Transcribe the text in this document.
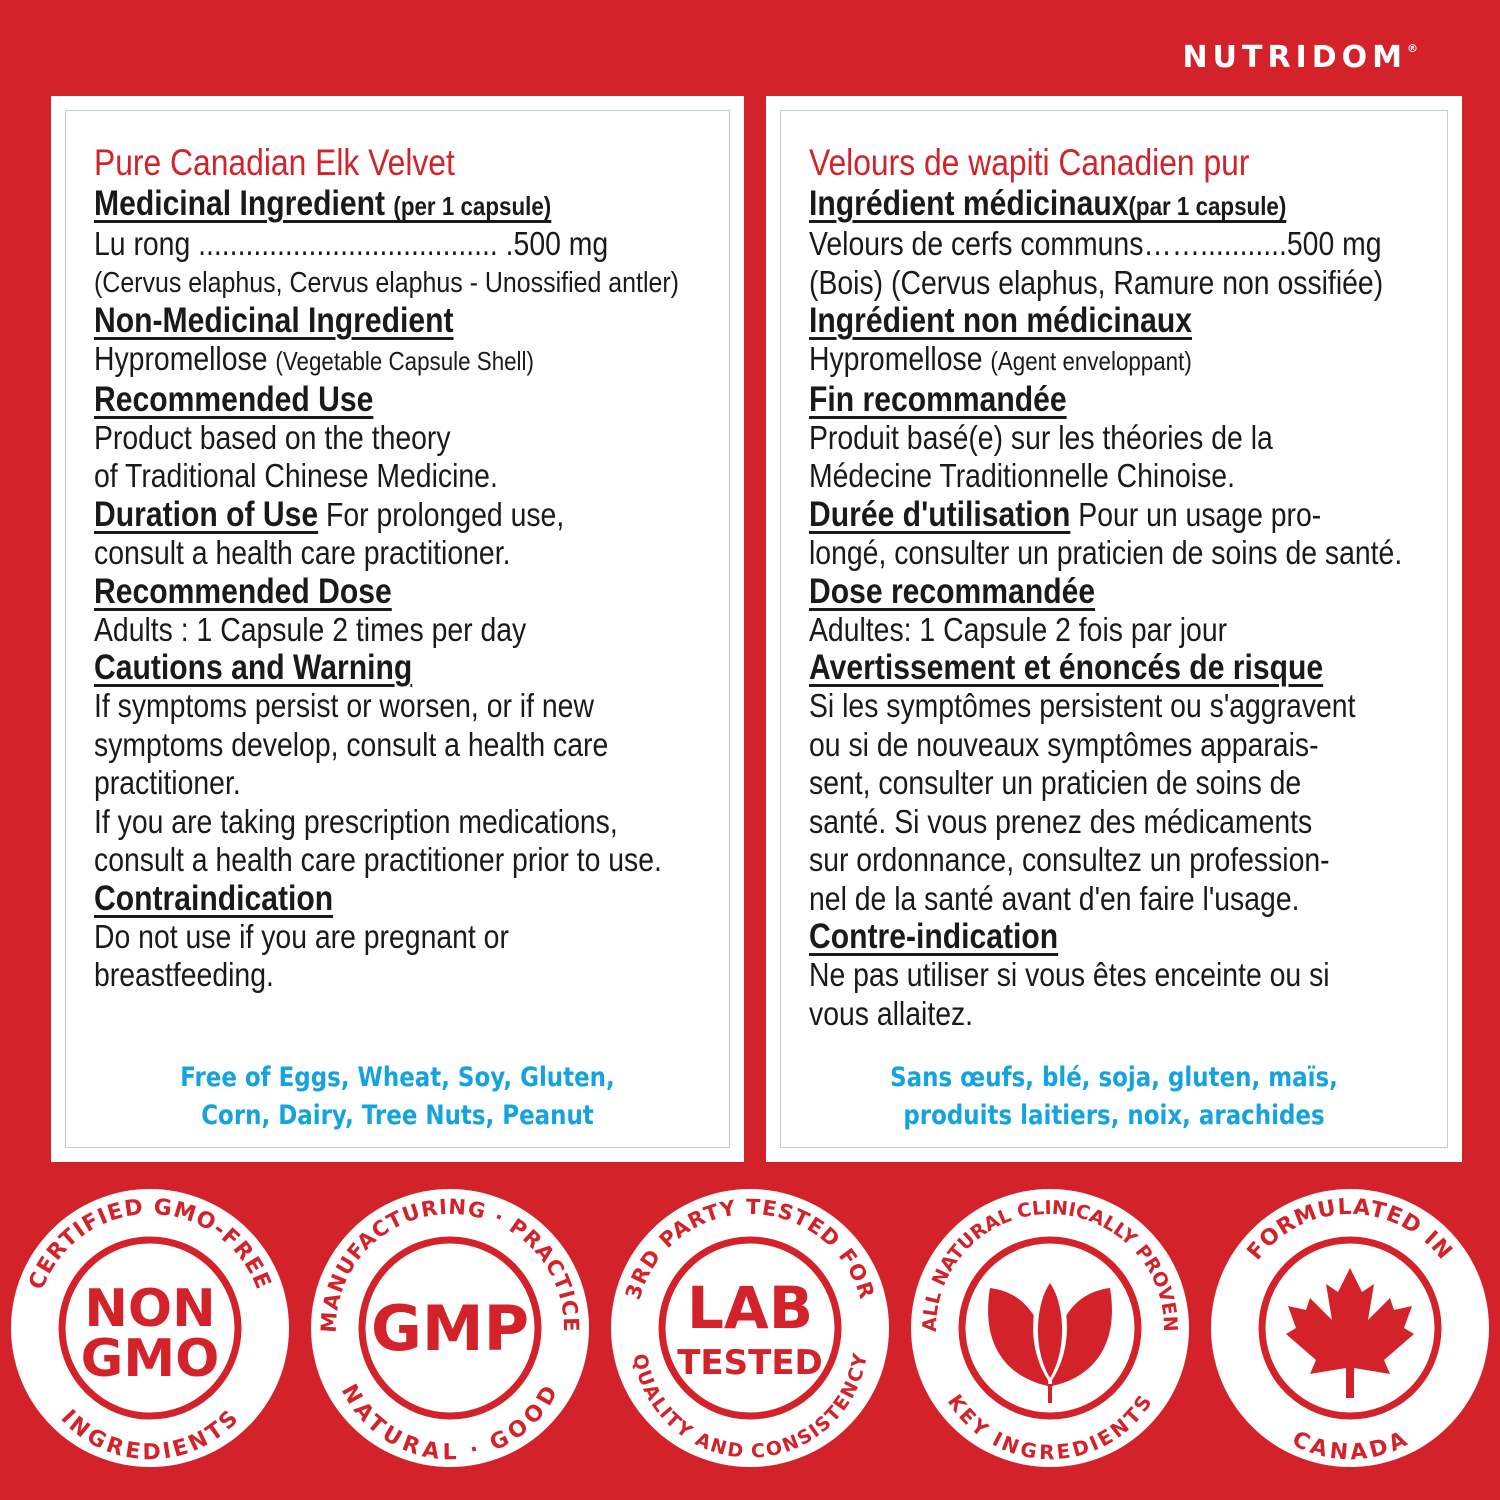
NUTRIDOM®
Pure Canadian Elk Velvet
Medicinal Ingredient (per 1 capsule)
Lu rong ...................................... .500 mg
(Cervus elaphus, Cervus elaphus - Unossified antler)
Non-Medicinal Ingredient
Hypromellose (Vegetable Capsule Shell)
Recommended Use
Product based on the theory
of Traditional Chinese Medicine.
Duration of Use For prolonged use,
consult a health care practitioner.
Recommended Dose
Adults : 1 Capsule 2 times per day
Cautions and Warning
If symptoms persist or worsen, or if new
symptoms develop, consult a health care
practitioner.
If you are taking prescription medications,
consult a health care practitioner prior to use.
Contraindication
Do not use if you are pregnant or
breastfeeding.
Free of Eggs, Wheat, Soy, Gluten,
Corn, Dairy, Tree Nuts, Peanut
Velours de wapiti Canadien pur
Ingrédient médicinaux(par 1 capsule)
Velours de cerfs communs……...........500 mg
(Bois) (Cervus elaphus, Ramure non ossifiée)
Ingrédient non médicinaux
Hypromellose (Agent enveloppant)
Fin recommandée
Produit basé(e) sur les théories de la
Médecine Traditionnelle Chinoise.
Durée d'utilisation Pour un usage pro-
longé, consulter un praticien de soins de santé.
Dose recommandée
Adultes: 1 Capsule 2 fois par jour
Avertissement et énoncés de risque
Si les symptômes persistent ou s'aggravent
ou si de nouveaux symptômes apparais-
sent, consulter un praticien de soins de
santé. Si vous prenez des médicaments
sur ordonnance, consultez un profession-
nel de la santé avant d'en faire l'usage.
Contre-indication
Ne pas utiliser si vous êtes enceinte ou si
vous allaitez.
Sans œufs, blé, soja, gluten, maïs,
produits laitiers, noix, arachides
CERTIFIED GMO-FREE
INGREDIENTS
NON
GMO
MANUFACTURING · PRACTICE
NATURAL · GOOD
GMP
3RD PARTY TESTED FOR
QUALITY AND CONSISTENCY
LAB
TESTED
ALL NATURAL CLINICALLY PROVEN
KEY INGREDIENTS
FORMULATED IN
CANADA
